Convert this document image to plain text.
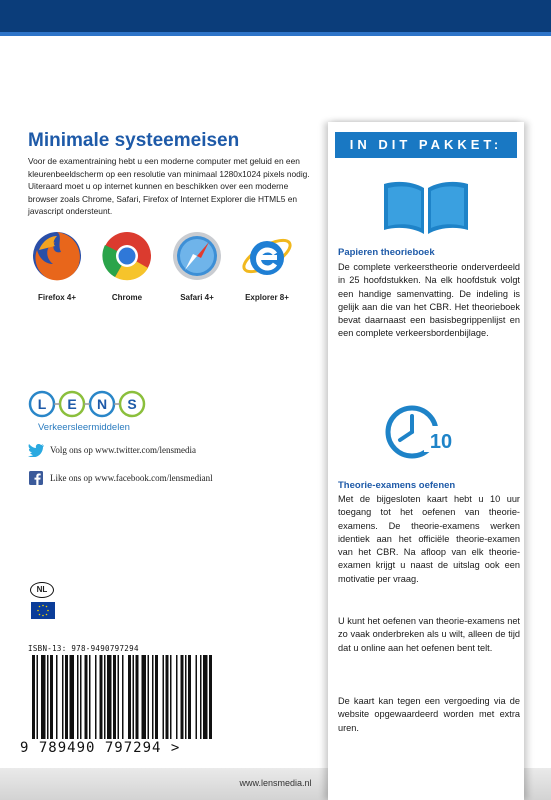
Minimale systeemeisen
Voor de examentraining hebt u een moderne computer met geluid en een kleurenbeeldscherm op een resolutie van minimaal 1280x1024 pixels nodig. Uiteraard moet u op internet kunnen en beschikken over een moderne browser zoals Chrome, Safari, Firefox of Internet Explorer die HTML5 en javascript ondersteunt.
Firefox 4+	Chrome	Safari 4+	Explorer 8+
L E N S
Verkeersleermiddelen
Volg ons op www.twitter.com/lensmedia
Like ons op www.facebook.com/lensmedianl
NL
ISBN-13: 978-9490797294
9 789490 797294 >
www.lensmedia.nl
IN DIT PAKKET:
Papieren theorieboek
De complete verkeerstheorie onderverdeeld in 25 hoofdstukken. Na elk hoofdstuk volgt een handige samenvatting. De indeling is gelijk aan die van het CBR. Het theorieboek bevat daarnaast een basisbegrippenlijst en een complete verkeersbordenbijlage.
10
Theorie-examens oefenen
Met de bijgesloten kaart hebt u 10 uur toegang tot het oefenen van theorie-examens. De theorie-examens werken identiek aan het officiële theorie-examen van het CBR. Na afloop van elk theorie-examen krijgt u naast de uitslag ook een motivatie per vraag.
U kunt het oefenen van theorie-examens net zo vaak onderbreken als u wilt, alleen de tijd dat u online aan het oefenen bent telt.
De kaart kan tegen een vergoeding via de website opgewaardeerd worden met extra uren.
